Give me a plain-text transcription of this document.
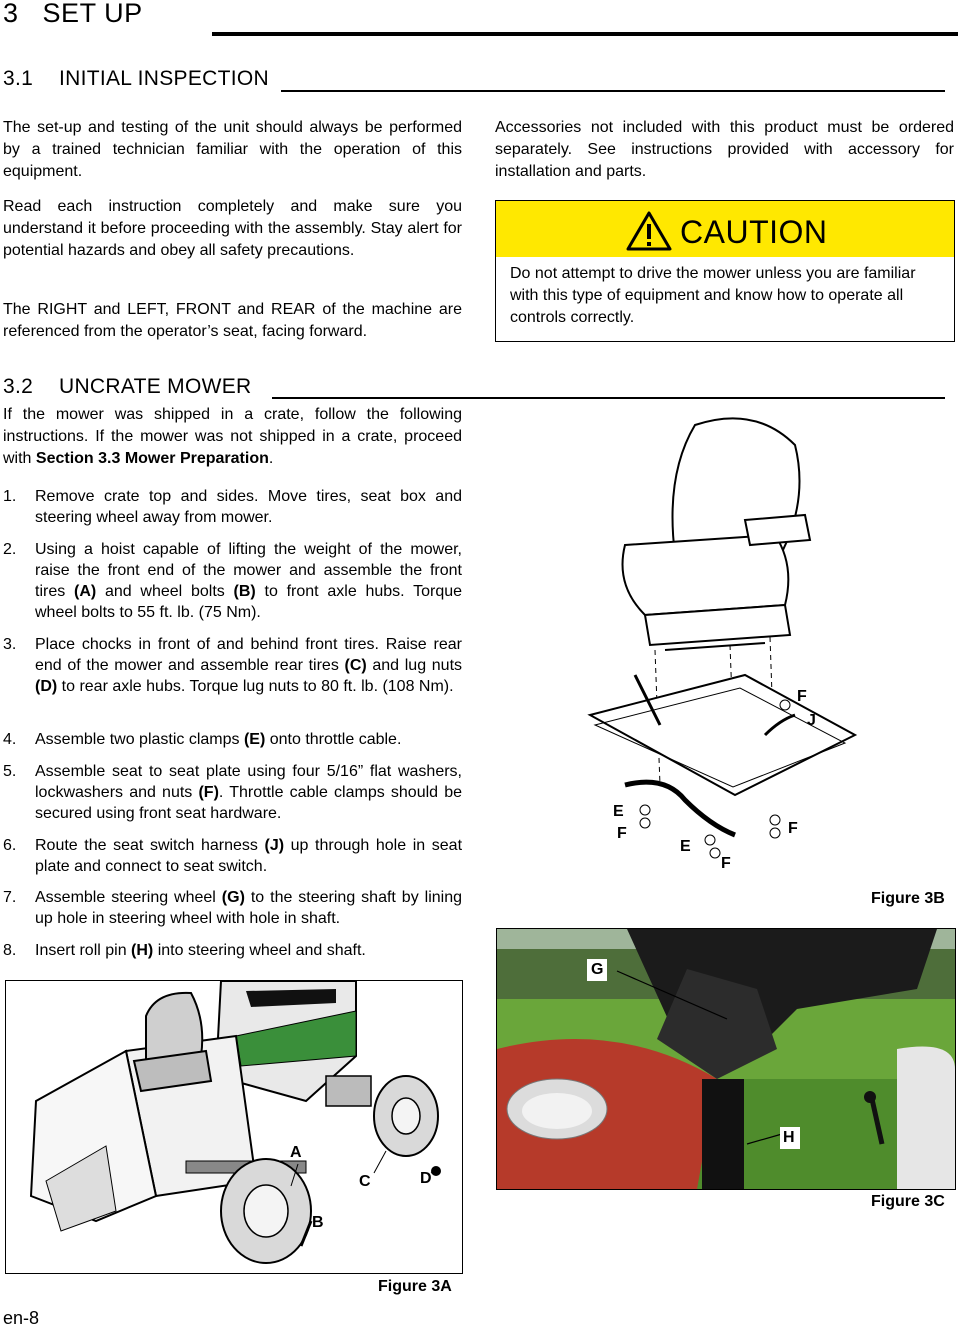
3 SET UP
3.1 INITIAL INSPECTION
The set-up and testing of the unit should always be performed by a trained technician familiar with the operation of this equipment.
Read each instruction completely and make sure you understand it before proceeding with the assembly. Stay alert for potential hazards and obey all safety precautions.
The RIGHT and LEFT, FRONT and REAR of the machine are referenced from the operator’s seat, facing forward.
Accessories not included with this product must be ordered separately. See instructions provided with accessory for installation and parts.
CAUTION
Do not attempt to drive the mower unless you are familiar with this type of equipment and know how to operate all controls correctly.
3.2 UNCRATE MOWER
If the mower was shipped in a crate, follow the following instructions. If the mower was not shipped in a crate, proceed with Section 3.3 Mower Preparation.
1. Remove crate top and sides. Move tires, seat box and steering wheel away from mower.
2. Using a hoist capable of lifting the weight of the mower, raise the front end of the mower and assemble the front tires (A) and wheel bolts (B) to front axle hubs. Torque wheel bolts to 55 ft. lb. (75 Nm).
3. Place chocks in front of and behind front tires. Raise rear end of the mower and assemble rear tires (C) and lug nuts (D) to rear axle hubs. Torque lug nuts to 80 ft. lb. (108 Nm).
4. Assemble two plastic clamps (E) onto throttle cable.
5. Assemble seat to seat plate using four 5/16” flat washers, lockwashers and nuts (F). Throttle cable clamps should be secured using front seat hardware.
6. Route the seat switch harness (J) up through hole in seat plate and connect to seat switch.
7. Assemble steering wheel (G) to the steering shaft by lining up hole in steering wheel with hole in shaft.
8. Insert roll pin (H) into steering wheel and shaft.
A
B
C	D
Figure 3A
F
J
E
F
E
F
F
Figure 3B
G
H
Figure 3C
en-8
